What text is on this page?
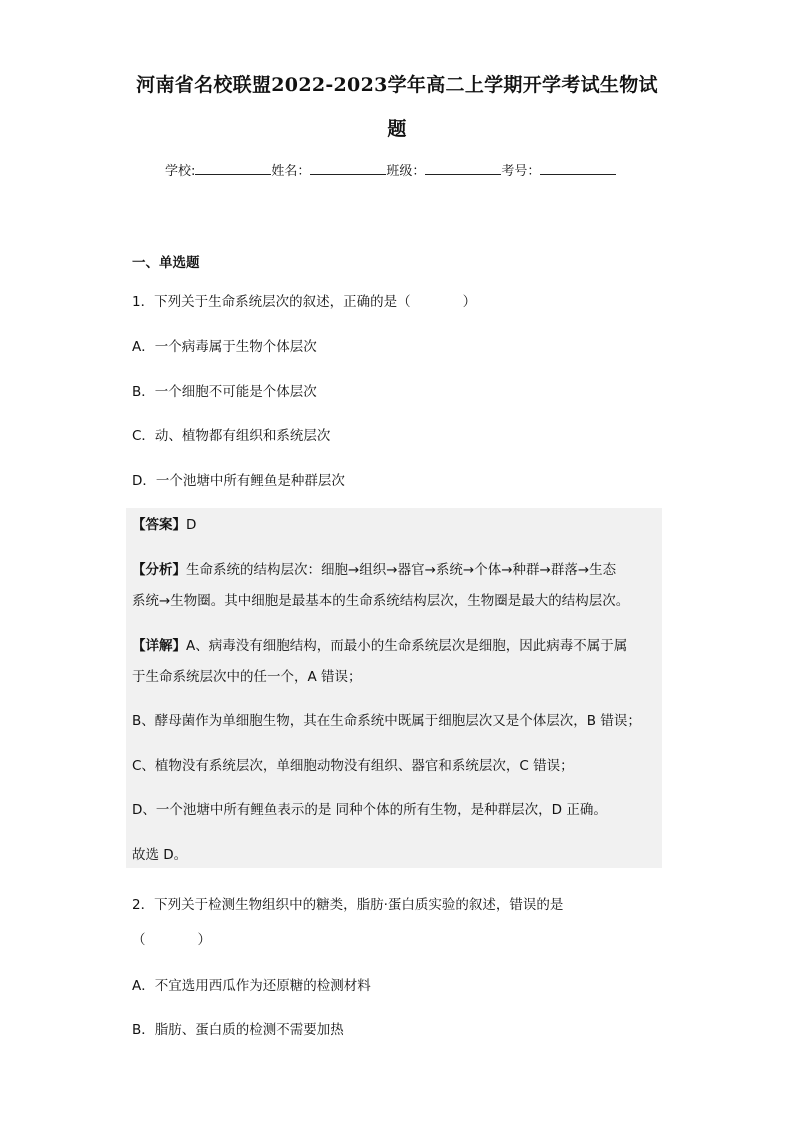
河南省名校联盟2022-2023学年高二上学期开学考试生物试
题
学校:	姓名：	班级：	考号：
一、单选题
1．下列关于生命系统层次的叙述，正确的是（	）
A．一个病毒属于生物个体层次
B．一个细胞不可能是个体层次
C．动、植物都有组织和系统层次
D．一个池塘中所有鲤鱼是种群层次
【答案】D
【分析】生命系统的结构层次：细胞→组织→器官→系统→个体→种群→群落→生态
系统→生物圈。其中细胞是最基本的生命系统结构层次，生物圈是最大的结构层次。
【详解】A、病毒没有细胞结构，而最小的生命系统层次是细胞，因此病毒不属于属
于生命系统层次中的任一个，A 错误；
B、酵母菌作为单细胞生物，其在生命系统中既属于细胞层次又是个体层次，B 错误；
C、植物没有系统层次，单细胞动物没有组织、器官和系统层次，C 错误；
D、一个池塘中所有鲤鱼表示的是 同种个体的所有生物，是种群层次，D 正确。
故选 D。
2．下列关于检测生物组织中的糖类，脂肪·蛋白质实验的叙述，错误的是
（	）
A．不宜选用西瓜作为还原糖的检测材料
B．脂肪、蛋白质的检测不需要加热
